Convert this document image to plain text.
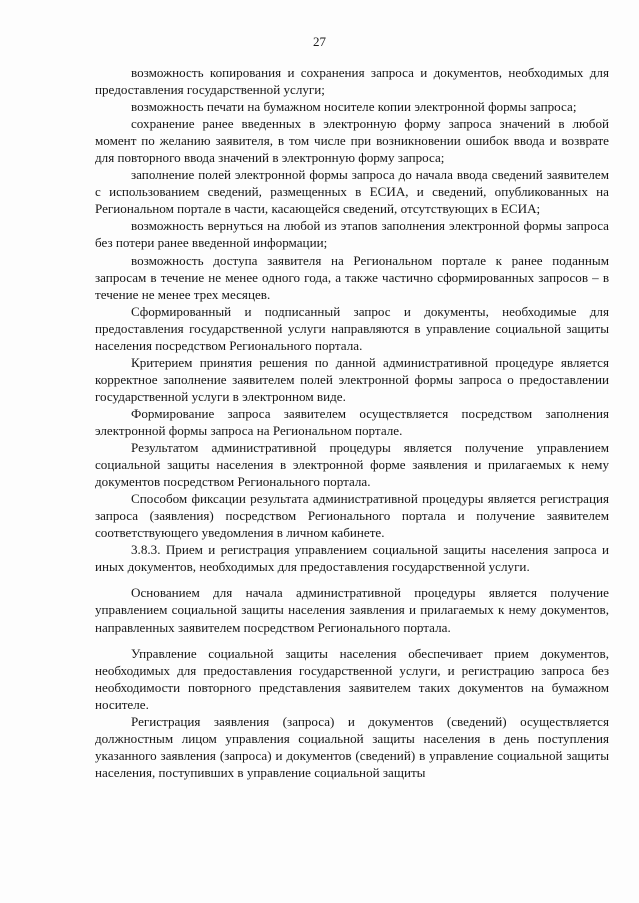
27

возможность копирования и сохранения запроса и документов, необходимых для предоставления государственной услуги;

возможность печати на бумажном носителе копии электронной формы запроса;

сохранение ранее введенных в электронную форму запроса значений в любой момент по желанию заявителя, в том числе при возникновении ошибок ввода и возврате для повторного ввода значений в электронную форму запроса;

заполнение полей электронной формы запроса до начала ввода сведений заявителем с использованием сведений, размещенных в ЕСИА, и сведений, опубликованных на Региональном портале в части, касающейся сведений, отсутствующих в ЕСИА;

возможность вернуться на любой из этапов заполнения электронной формы запроса без потери ранее введенной информации;

возможность доступа заявителя на Региональном портале к ранее поданным запросам в течение не менее одного года, а также частично сформированных запросов – в течение не менее трех месяцев.

Сформированный и подписанный запрос и документы, необходимые для предоставления государственной услуги направляются в управление социальной защиты населения посредством Регионального портала.

Критерием принятия решения по данной административной процедуре является корректное заполнение заявителем полей электронной формы запроса о предоставлении государственной услуги в электронном виде.

Формирование запроса заявителем осуществляется посредством заполнения электронной формы запроса на Региональном портале.

Результатом административной процедуры является получение управлением социальной защиты населения в электронной форме заявления и прилагаемых к нему документов посредством Регионального портала.

Способом фиксации результата административной процедуры является регистрация запроса (заявления) посредством Регионального портала и получение заявителем соответствующего уведомления в личном кабинете.

3.8.3. Прием и регистрация управлением социальной защиты населения запроса и иных документов, необходимых для предоставления государственной услуги.

Основанием для начала административной процедуры является получение управлением социальной защиты населения заявления и прилагаемых к нему документов, направленных заявителем посредством Регионального портала.

Управление социальной защиты населения обеспечивает прием документов, необходимых для предоставления государственной услуги, и регистрацию запроса без необходимости повторного представления заявителем таких документов на бумажном носителе.

Регистрация заявления (запроса) и документов (сведений) осуществляется должностным лицом управления социальной защиты населения в день поступления указанного заявления (запроса) и документов (сведений) в управление социальной защиты населения, поступивших в управление социальной защиты
